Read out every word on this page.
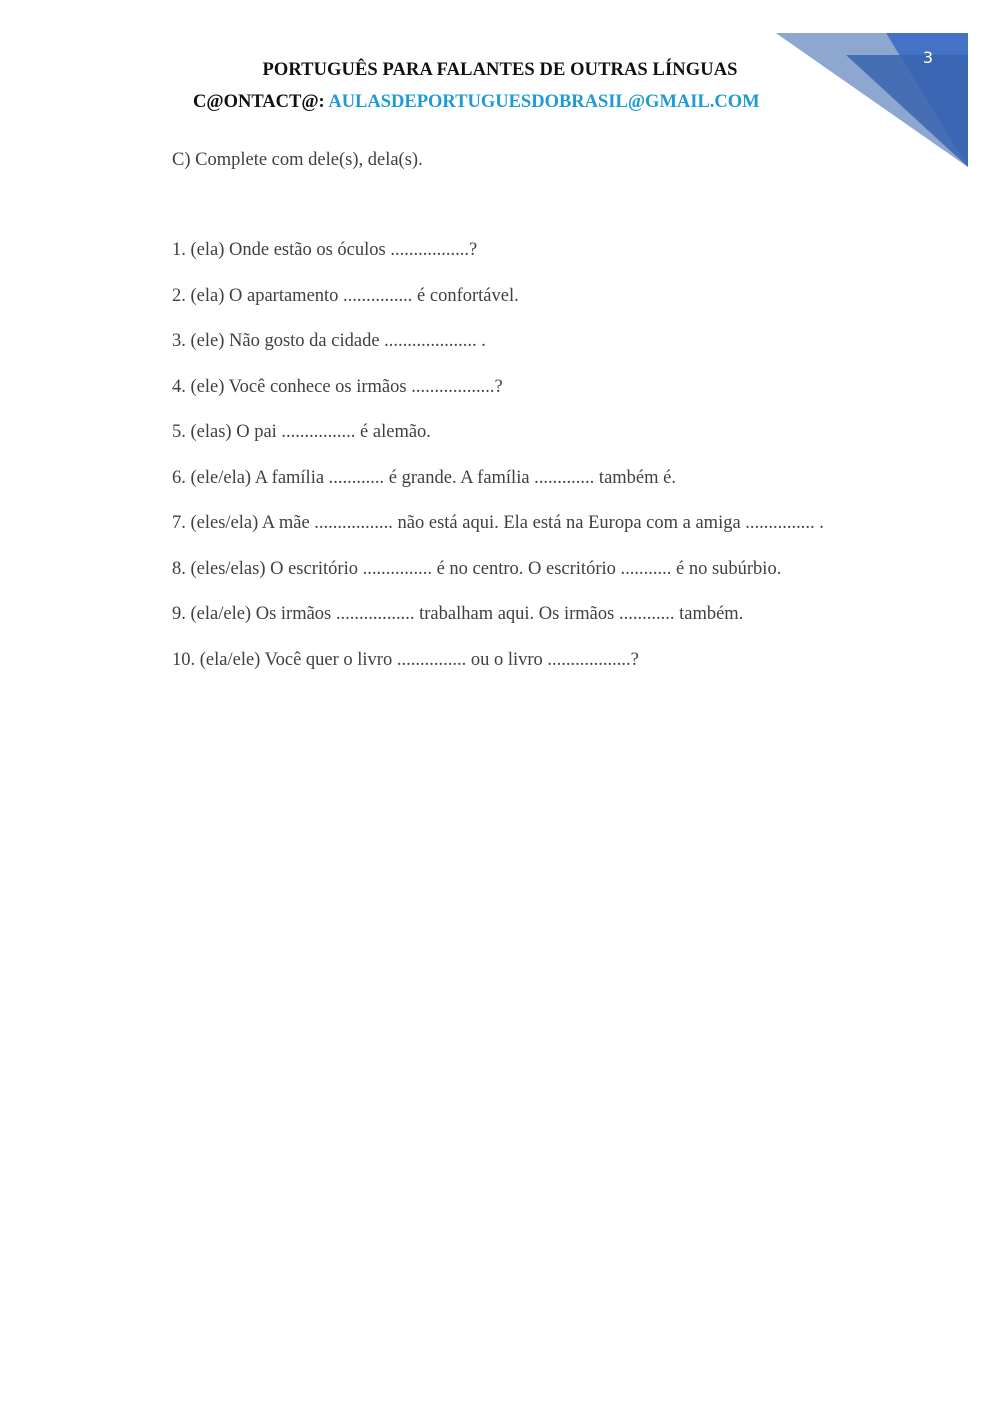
3
PORTUGUÊS PARA FALANTES DE OUTRAS LÍNGUAS
C@ONTACT@: AULASDEPORTUGUESDOBRASIL@GMAIL.COM
C) Complete com dele(s), dela(s).
1. (ela) Onde estão os óculos .................?
2. (ela) O apartamento ............... é confortável.
3. (ele) Não gosto da cidade .................... .
4. (ele) Você conhece os irmãos ..................?
5. (elas) O pai ................ é alemão.
6. (ele/ela) A família ............ é grande. A família ............. também é.
7. (eles/ela) A mãe ................. não está aqui. Ela está na Europa com a amiga ............... .
8. (eles/elas) O escritório ............... é no centro. O escritório ........... é no subúrbio.
9. (ela/ele) Os irmãos ................. trabalham aqui. Os irmãos ............ também.
10. (ela/ele) Você quer o livro ............... ou o livro ..................?
